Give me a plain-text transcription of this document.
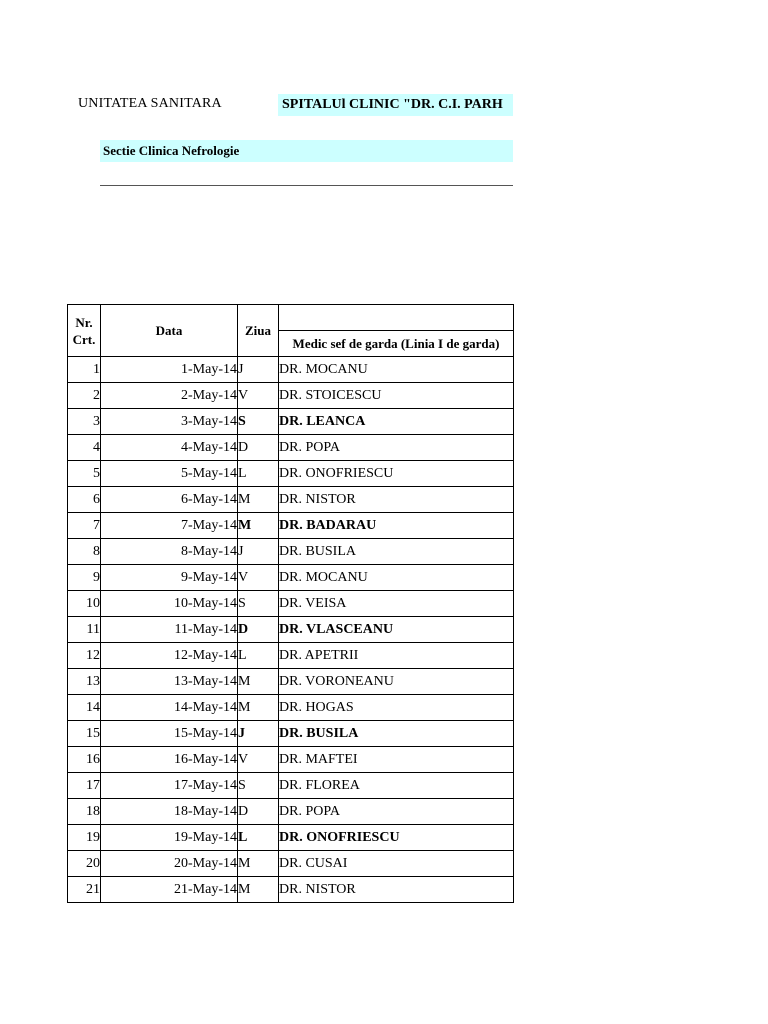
UNITATEA SANITARA	SPITALUl CLINIC "DR. C.I. PARH
Sectie Clinica Nefrologie
Nr. Crt.	Data	Ziua	
			Medic sef de garda (Linia I de garda)
1	1-May-14	J	DR. MOCANU
2	2-May-14	V	DR. STOICESCU
3	3-May-14	S	DR. LEANCA
4	4-May-14	D	DR. POPA
5	5-May-14	L	DR. ONOFRIESCU
6	6-May-14	M	DR. NISTOR
7	7-May-14	M	DR. BADARAU
8	8-May-14	J	DR. BUSILA
9	9-May-14	V	DR. MOCANU
10	10-May-14	S	DR. VEISA
11	11-May-14	D	DR. VLASCEANU
12	12-May-14	L	DR. APETRII
13	13-May-14	M	DR. VORONEANU
14	14-May-14	M	DR. HOGAS
15	15-May-14	J	DR. BUSILA
16	16-May-14	V	DR. MAFTEI
17	17-May-14	S	DR. FLOREA
18	18-May-14	D	DR. POPA
19	19-May-14	L	DR. ONOFRIESCU
20	20-May-14	M	DR. CUSAI
21	21-May-14	M	DR. NISTOR
